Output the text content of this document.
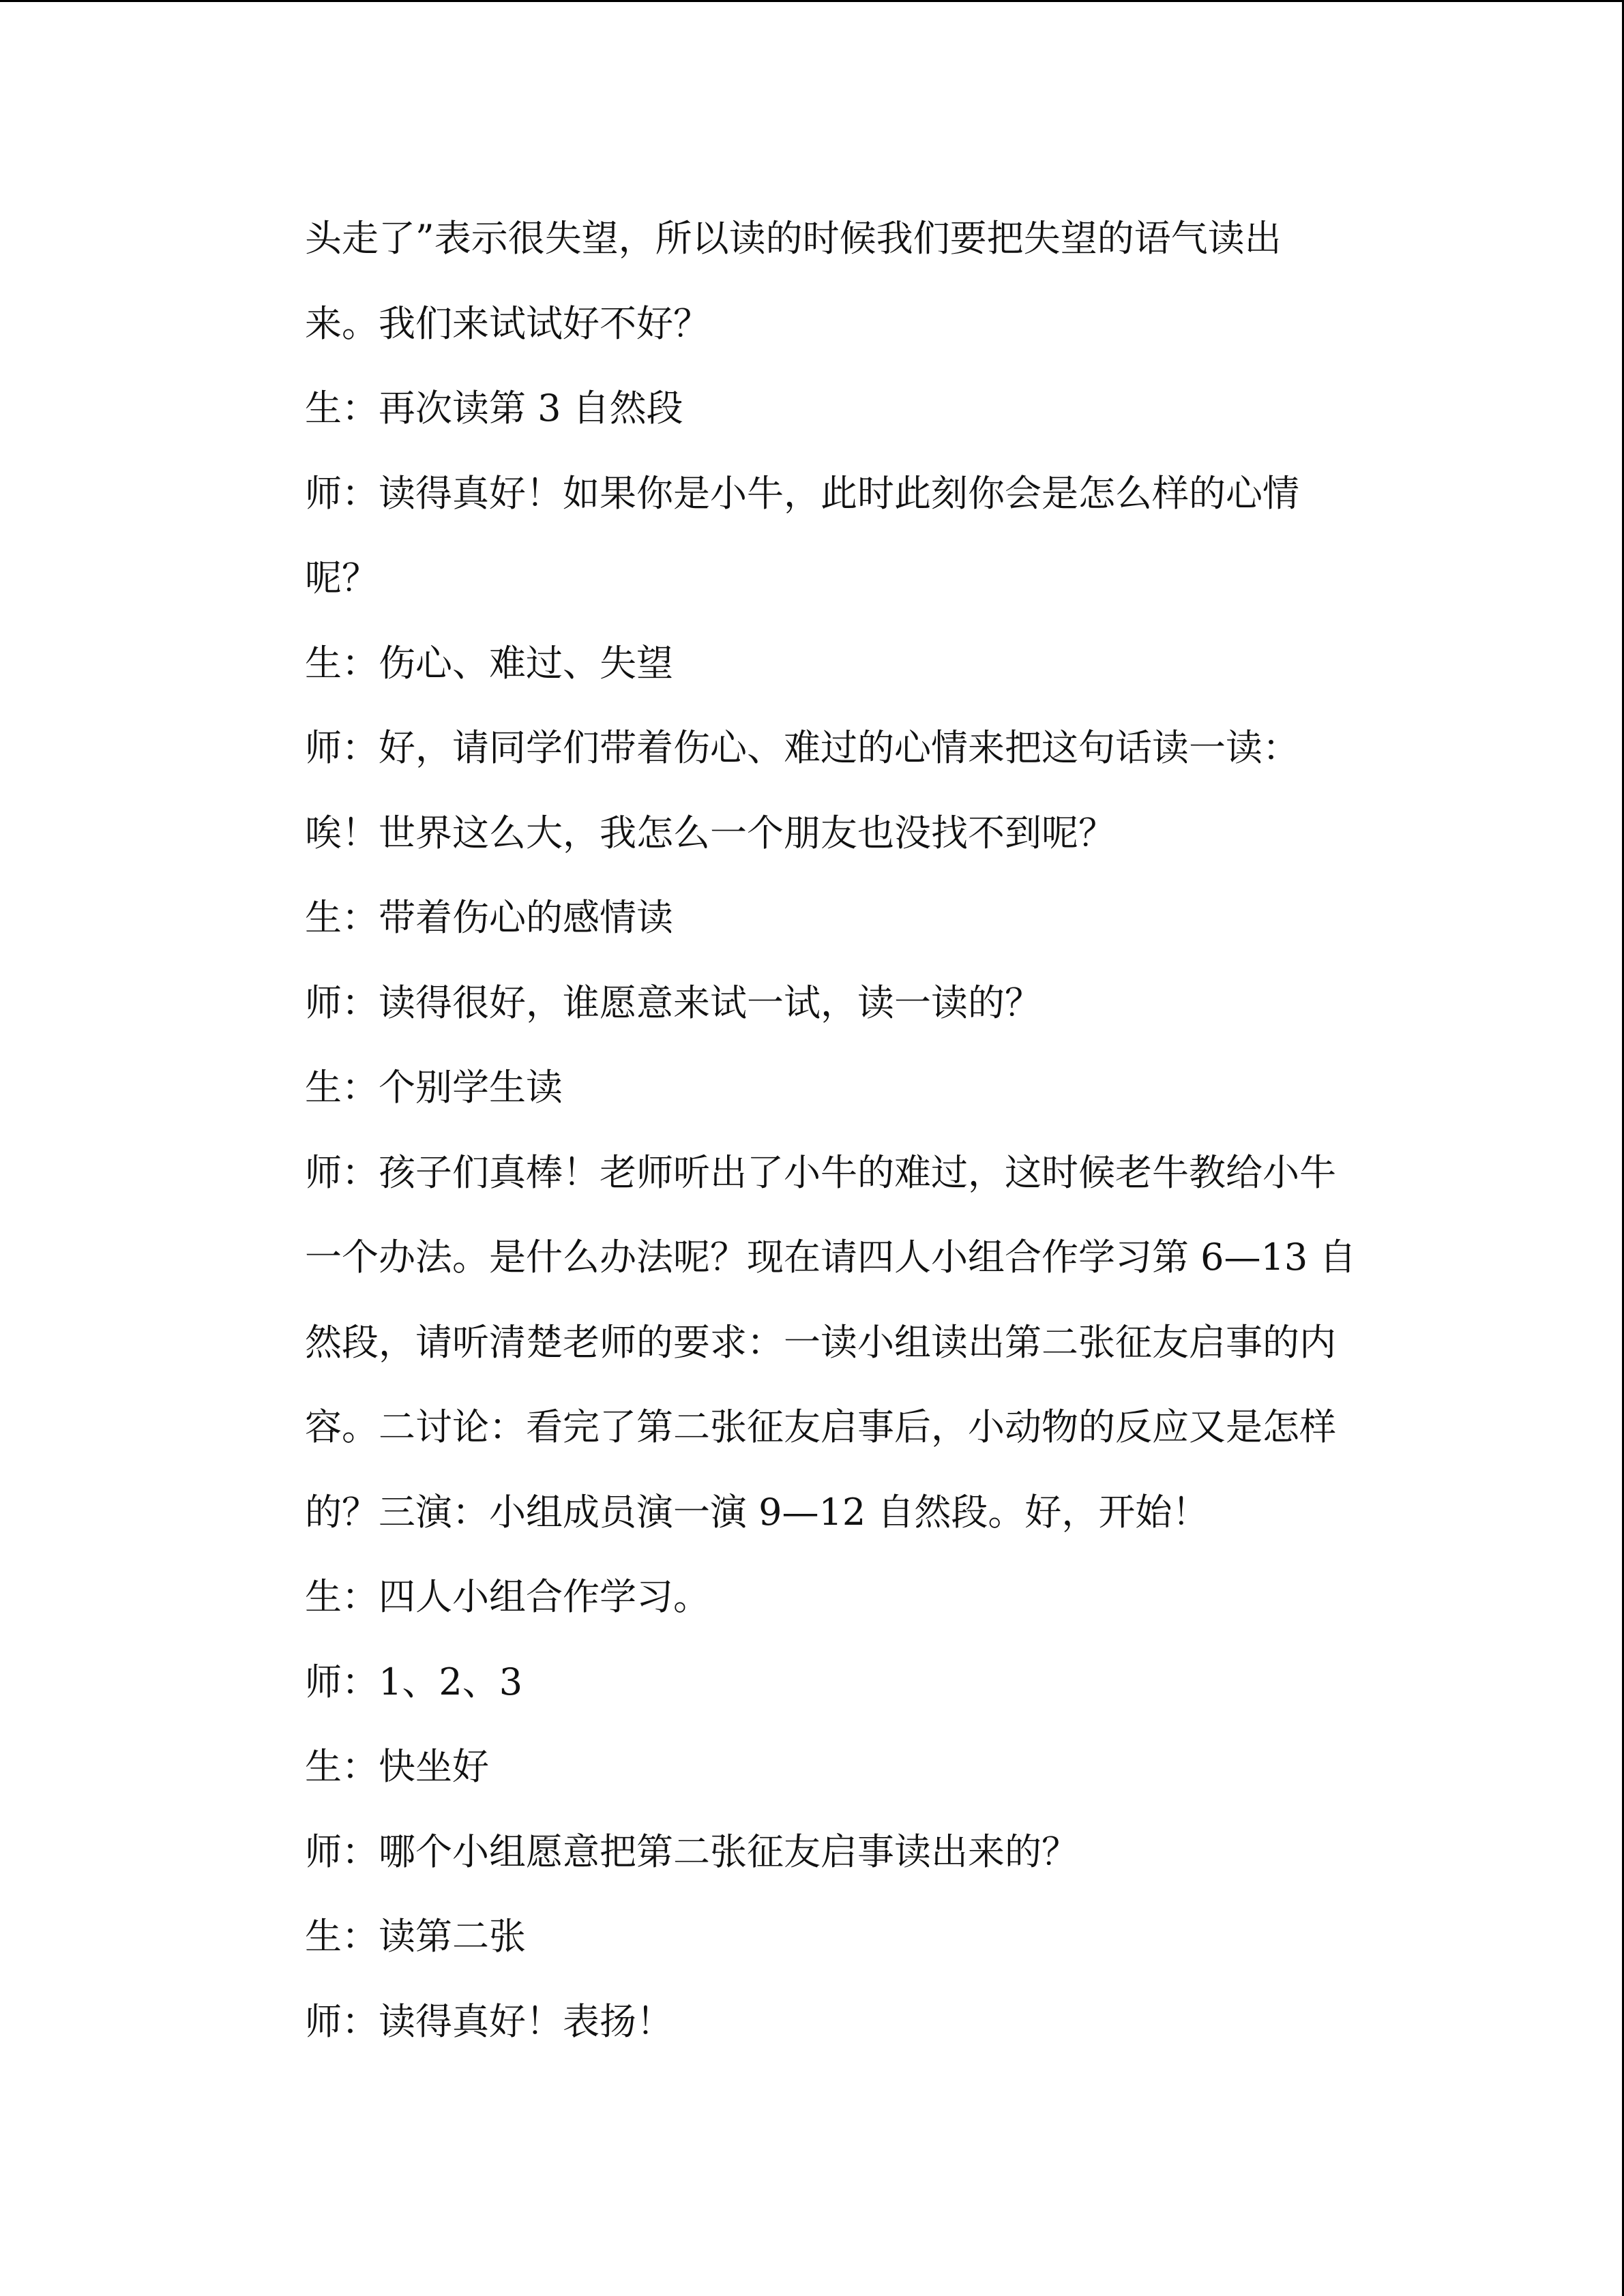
头走了”表示很失望，所以读的时候我们要把失望的语气读出
来。我们来试试好不好？
生：再次读第 3 自然段
师：读得真好！如果你是小牛，此时此刻你会是怎么样的心情
呢？
生：伤心、难过、失望
师：好，请同学们带着伤心、难过的心情来把这句话读一读：
唉！世界这么大，我怎么一个朋友也没找不到呢？
生：带着伤心的感情读
师：读得很好，谁愿意来试一试，读一读的？
生：个别学生读
师：孩子们真棒！老师听出了小牛的难过，这时候老牛教给小牛
一个办法。是什么办法呢？现在请四人小组合作学习第 6—13 自
然段，请听清楚老师的要求：一读小组读出第二张征友启事的内
容。二讨论：看完了第二张征友启事后，小动物的反应又是怎样
的？三演：小组成员演一演 9—12 自然段。好，开始！
生：四人小组合作学习。
师：1、2、3
生：快坐好
师：哪个小组愿意把第二张征友启事读出来的？
生：读第二张
师：读得真好！表扬！
